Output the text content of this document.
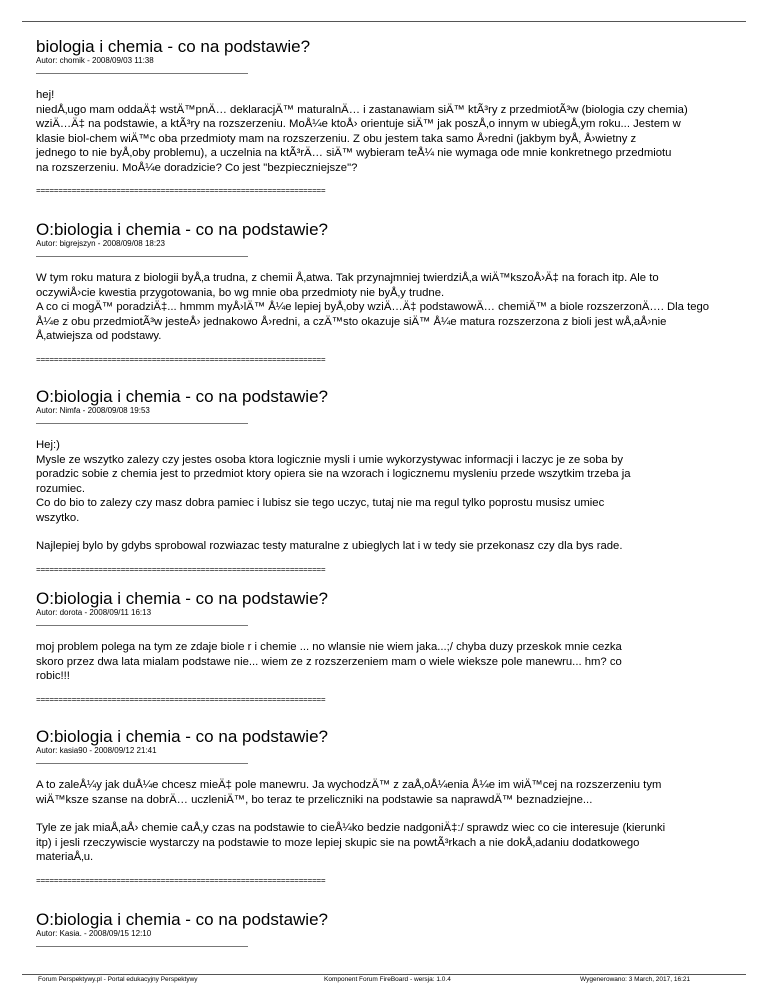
biologia i chemia - co na podstawie?
Autor: chomik - 2008/09/03 11:38

hej!
niedÅ‚ugo mam oddaÄ‡ wstÄ™pnÄ… deklaracjÄ™ maturalnÄ… i zastanawiam siÄ™ ktÃ³ry z przedmiotÃ³w (biologia czy chemia)
wziÄ…Ä‡ na podstawie, a ktÃ³ry na rozszerzeniu. MoÅ¼e ktoÅ› orientuje siÄ™ jak poszÅ‚o innym w ubiegÅ‚ym roku... Jestem w
klasie biol-chem wiÄ™c oba przedmioty mam na rozszerzeniu. Z obu jestem taka samo Å›redni (jakbym byÅ‚ Å›wietny z
jednego to nie byÅ‚oby problemu), a uczelnia na ktÃ³rÄ… siÄ™ wybieram teÅ¼ nie wymaga ode mnie konkretnego przedmiotu
na rozszerzeniu. MoÅ¼e doradzicie? Co jest "bezpieczniejsze"?

=================================================================
O:biologia i chemia - co na podstawie?
Autor: bigrejszyn - 2008/09/08 18:23

W tym roku matura z biologii byÅ‚a trudna, z chemii Å‚atwa. Tak przynajmniej twierdziÅ‚a wiÄ™kszoÅ›Ä‡ na forach itp. Ale to
oczywiÅ›cie kwestia przygotowania, bo wg mnie oba przedmioty nie byÅ‚y trudne.
A co ci mogÄ™ poradziÄ‡... hmmm myÅ›lÄ™ Å¼e lepiej byÅ‚oby wziÄ…Ä‡ podstawowÄ… chemiÄ™ a biole rozszerzonÄ…. Dla tego
Å¼e z obu przedmiotÃ³w jesteÅ› jednakowo Å›redni, a czÄ™sto okazuje siÄ™ Å¼e matura rozszerzona z bioli jest wÅ‚aÅ›nie
Å‚atwiejsza od podstawy.

=================================================================
O:biologia i chemia - co na podstawie?
Autor: Nimfa - 2008/09/08 19:53

Hej:)
Mysle ze wszytko zalezy czy jestes osoba ktora logicznie mysli i umie wykorzystywac informacji i laczyc je ze soba by
poradzic sobie z chemia jest to przedmiot ktory opiera sie na wzorach i logicznemu mysleniu przede wszytkim trzeba ja
rozumiec.
Co do bio to zalezy czy masz dobra pamiec i lubisz sie tego uczyc, tutaj nie ma regul tylko poprostu musisz umiec
wszytko.

Najlepiej bylo by gdybs sprobowal rozwiazac testy maturalne z ubieglych lat i w tedy sie przekonasz czy dla bys rade.

=================================================================
O:biologia i chemia - co na podstawie?
Autor: dorota - 2008/09/11 16:13

moj problem polega na tym ze zdaje biole r i chemie ... no wlansie nie wiem jaka...;/ chyba duzy przeskok mnie cezka
skoro przez dwa lata mialam podstawe nie... wiem ze z rozszerzeniem mam o wiele wieksze pole manewru... hm? co
robic!!!

=================================================================
O:biologia i chemia - co na podstawie?
Autor: kasia90 - 2008/09/12 21:41

A to zaleÅ¼y jak duÅ¼e chcesz mieÄ‡ pole manewru. Ja wychodzÄ™ z zaÅ‚oÅ¼enia Å¼e im wiÄ™cej na rozszerzeniu tym
wiÄ™ksze szanse na dobrÄ… uczleniÄ™, bo teraz te przeliczniki na podstawie sa naprawdÄ™ beznadziejne...

Tyle ze jak miaÅ‚aÅ› chemie caÅ‚y czas na podstawie to cieÅ¼ko bedzie nadgoniÄ‡:/ sprawdz wiec co cie interesuje (kierunki
itp) i jesli rzeczywiscie wystarczy na podstawie to moze lepiej skupic sie na powtÃ³rkach a nie dokÅ‚adaniu dodatkowego
materiaÅ‚u.

=================================================================
O:biologia i chemia - co na podstawie?
Autor: Kasia. - 2008/09/15 12:10
Forum Perspektywy.pl - Portal edukacyjny Perspektywy	Komponent Forum FireBoard - wersja: 1.0.4	Wygenerowano: 3 March, 2017, 16:21
